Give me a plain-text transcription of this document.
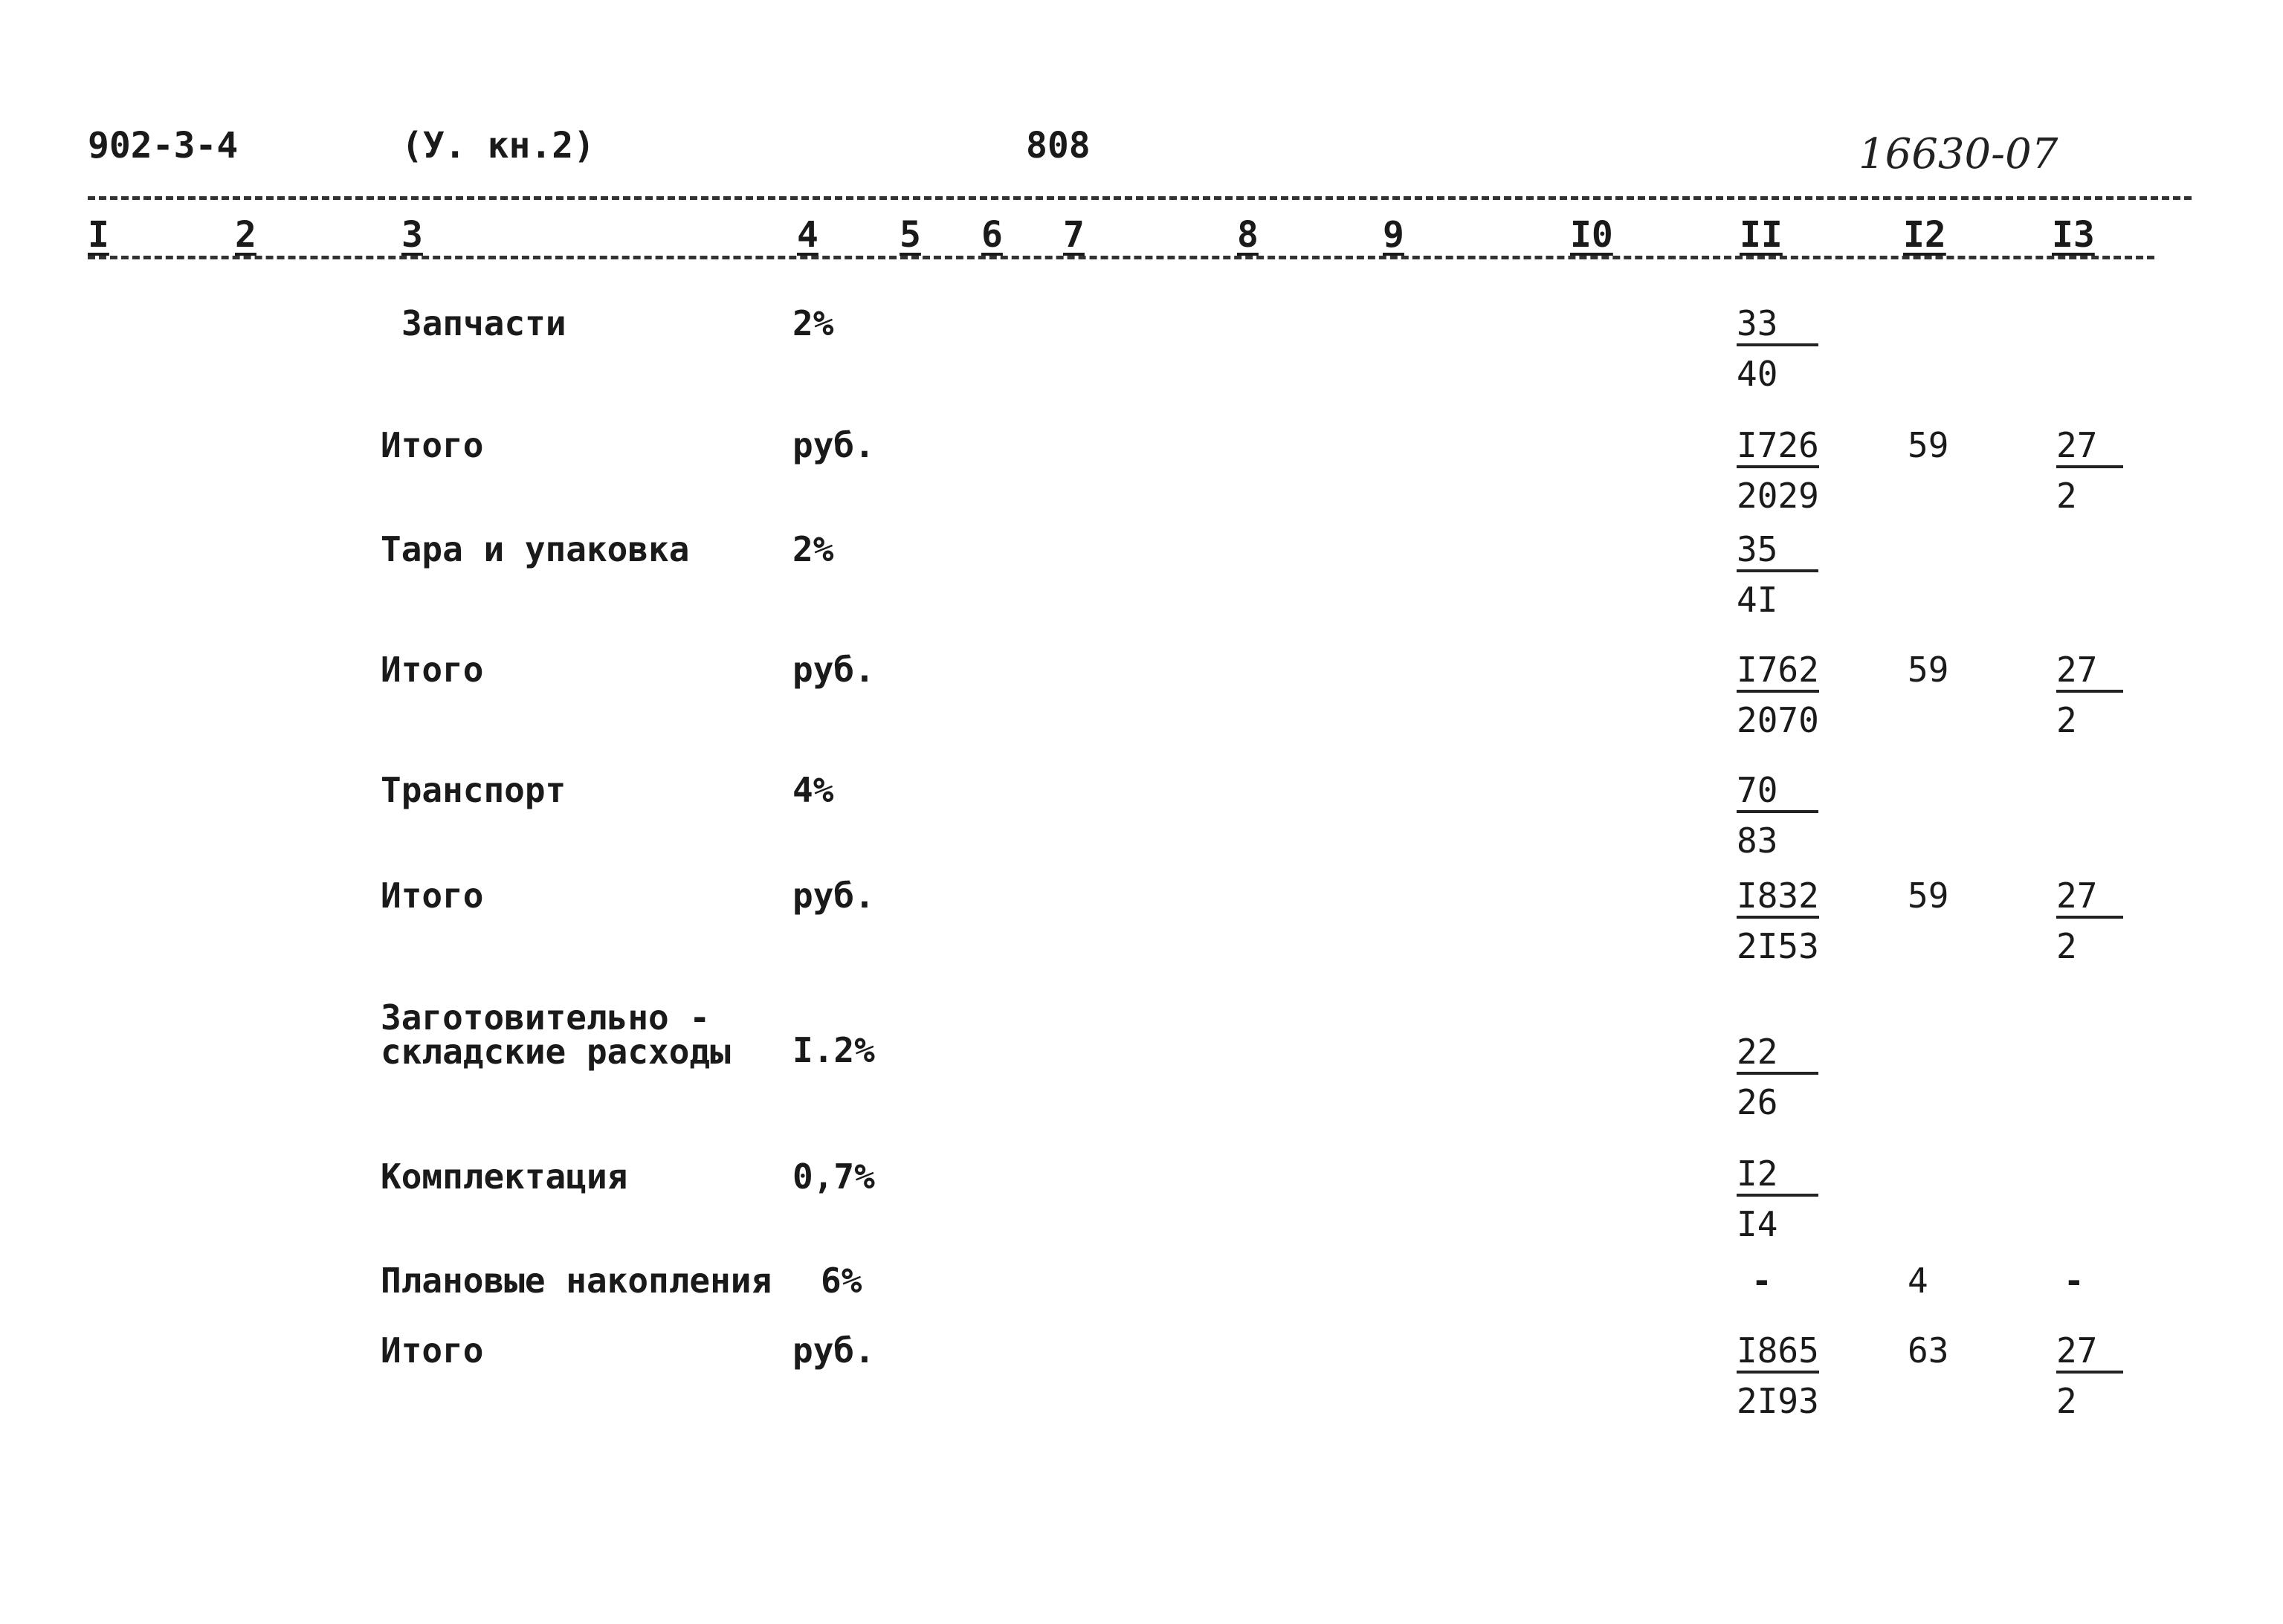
902-3-4	(У. кн.2)	808	16630-07
I	2	3	4 5 6 7	8	9	I0	II	I2	I3
Запчасти	2%	$\frac{33}{40}$
Итого	руб.	$\frac{I726}{2029} 59$	$\frac{27}{2}$
Тара и упаковка	2%	$\frac{35}{4I}$
Итого	руб.	$\frac{I762}{2070} 59$	$\frac{27}{2}$
Транспорт	4%	$\frac{70}{83}$
Итого	руб.	$\frac{I832}{2I53} 59$	$\frac{27}{2}$
Заготовительно -
складские расходы I.2%	$\frac{22}{26}$
Комплектация	0,7%	$\frac{I2}{I4}$
Плановые накопления 6%	-	4	-
Итого	руб.	$\frac{I865}{2I93} 63$	$\frac{27}{2}$
